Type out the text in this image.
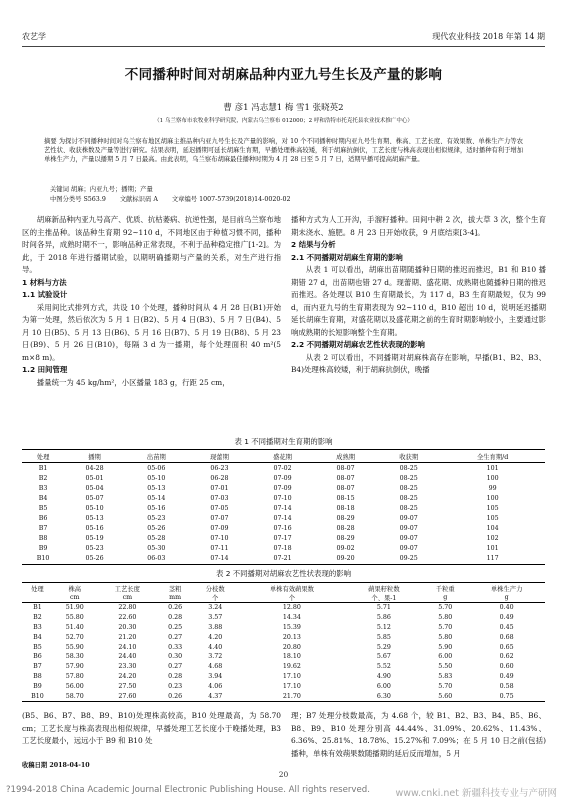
农艺学	现代农业科技 2018 年第 14 期
不同播种时间对胡麻品种内亚九号生长及产量的影响
曹 彦1 冯志慧1 梅 雪1 张晓英2
（1 乌兰察布市农牧业科学研究院，内蒙古乌兰察布 012000；2 呼和浩特市托克托县农业技术推广中心）
摘要 为探讨不同播种时间对乌兰察布地区胡麻主推品种内亚九号生长及产量的影响，对 10 个不同播种时期内亚九号生育期、株高、工艺长度、有效果数、单株生产力等农艺性状、收获株数及产量等进行研究。结果表明，延迟播期可延长胡麻生育期，早播处理株高较矮，利于胡麻抗倒伏，工艺长度与株高表现出相似规律，适时播种有利于增加单株生产力，产量以播期 5 月 7 日最高。由此表明，乌兰察布胡麻最佳播种时期为 4 月 28 日至 5 月 7 日，适期早播可提高胡麻产量。
关键词 胡麻；内亚九号；播期；产量
中图分类号 S563.9 文献标识码 A 文章编号 1007-5739(2018)14-0020-02

胡麻新品种内亚九号高产、优质、抗枯萎病、抗逆性强，是目前乌兰察布地区的主推品种。该品种生育期 92~110 d，不同地区由于种植习惯不同，播种时间各异，成熟时期不一，影响品种正常表现，不利于品种稳定推广[1-2]。为此，于 2018 年进行播期试验，以期明确播期与产量的关系，对生产进行指导。

1 材料与方法

1.1 试验设计

采用间比式排列方式，共设 10 个处理，播种时间从 4 月 28 日(B1)开始为第一处理，然后依次为 5 月 1 日(B2)、5 月 4 日(B3)、5 月 7 日(B4)、5 月 10 日(B5)、5 月 13 日(B6)、5 月 16 日(B7)、5 月 19 日(B8)、5 月 23 日(B9)、5 月 26 日(B10)，每隔 3 d 为一播期，每个处理面积 40 m²(5 m×8 m)。

1.2 田间管理

播量统一为 45 kg/hm²，小区播量 183 g，行距 25 cm，

播种方式为人工开沟，手溜籽播种。田间中耕 2 次，拔大草 3 次，整个生育期未浇水、施肥。8 月 23 日开始收获，9 月底结束[3-4]。

2 结果与分析

2.1 不同播期对胡麻生育期的影响

从表 1 可以看出，胡麻出苗期随播种日期的推迟而推迟，B1 和 B10 播期错 27 d，出苗期也错 27 d。现蕾期、盛花期、成熟期也随播种日期的推迟而推迟。各处理以 B10 生育期最长，为 117 d，B3 生育期最短，仅为 99 d，而内亚九号的生育期表现为 92~110 d，B10 超出 10 d，说明延迟播期延长胡麻生育期，对盛花期以及盛花期之前的生育时期影响较小，主要通过影响成熟期的长短影响整个生育期。

2.2 不同播期对胡麻农艺性状表现的影响

从表 2 可以看出，不同播期对胡麻株高存在影响，早播(B1、B2、B3、B4)处理株高较矮，利于胡麻抗倒伏，晚播

表 1 不同播期对生育期的影响
处理	播期	出苗期	现蕾期	盛花期	成熟期	收获期	全生育期/d
B1	04-28	05-06	06-23	07-02	08-07	08-25	101
B2	05-01	05-10	06-28	07-09	08-07	08-25	100
B3	05-04	05-13	07-01	07-09	08-07	08-25	99
B4	05-07	05-14	07-03	07-10	08-15	08-25	100
B5	05-10	05-16	07-05	07-14	08-18	08-25	105
B6	05-13	05-23	07-07	07-14	08-29	09-07	105
B7	05-16	05-26	07-09	07-16	08-28	09-07	104
B8	05-19	05-28	07-10	07-17	08-29	09-07	102
B9	05-23	05-30	07-11	07-18	09-02	09-07	101
B10	05-26	06-03	07-14	07-21	09-20	09-25	117
表 2 不同播期对胡麻农艺性状表现的影响
处理	株高	工艺长度	茎粗	分枝数	单株有效蒴果数	蒴果籽粒数	千粒重	单株生产力
	cm	cm	mm	个	个	个、果-1	g	g
B1	51.90	22.80	0.26	3.24	12.80	5.71	5.70	0.40
B2	55.80	22.60	0.28	3.57	14.34	5.86	5.80	0.49
B3	51.40	20.30	0.25	3.88	15.39	5.12	5.70	0.45
B4	52.70	21.20	0.27	4.20	20.13	5.85	5.80	0.68
B5	55.90	24.10	0.33	4.40	20.80	5.29	5.90	0.65
B6	58.30	24.40	0.30	3.72	18.10	5.67	6.00	0.62
B7	57.90	23.30	0.27	4.68	19.62	5.52	5.50	0.60
B8	57.80	24.20	0.28	3.94	17.10	4.90	5.83	0.49
B9	56.00	27.50	0.23	4.06	17.10	6.00	5.70	0.58
B10	58.70	27.60	0.26	4.37	21.70	6.30	5.60	0.75

(B5、B6、B7、B8、B9、B10)处理株高较高，B10 处理最高，为 58.70 cm；工艺长度与株高表现出相似规律，早播处理工艺长度小于晚播处理，B3 工艺长度最小，远远小于 B9 和 B10 处

理；B7 处理分枝数最高，为 4.68 个，较 B1、B2、B3、B4、B5、B6、B8、B9、B10 处理分别高 44.44%、31.09%、20.62%、11.43%、6.36%、25.81%、18.78%、15.27%和 7.09%；在 5 月 10 日之前(包括)播种，单株有效蒴果数随播期的延后反而增加，5 月

收稿日期 2018-04-10
20
?1994-2018 China Academic Journal Electronic Publishing House. All rights reserved.	www.cnki.net 新疆科技专业与产研网
